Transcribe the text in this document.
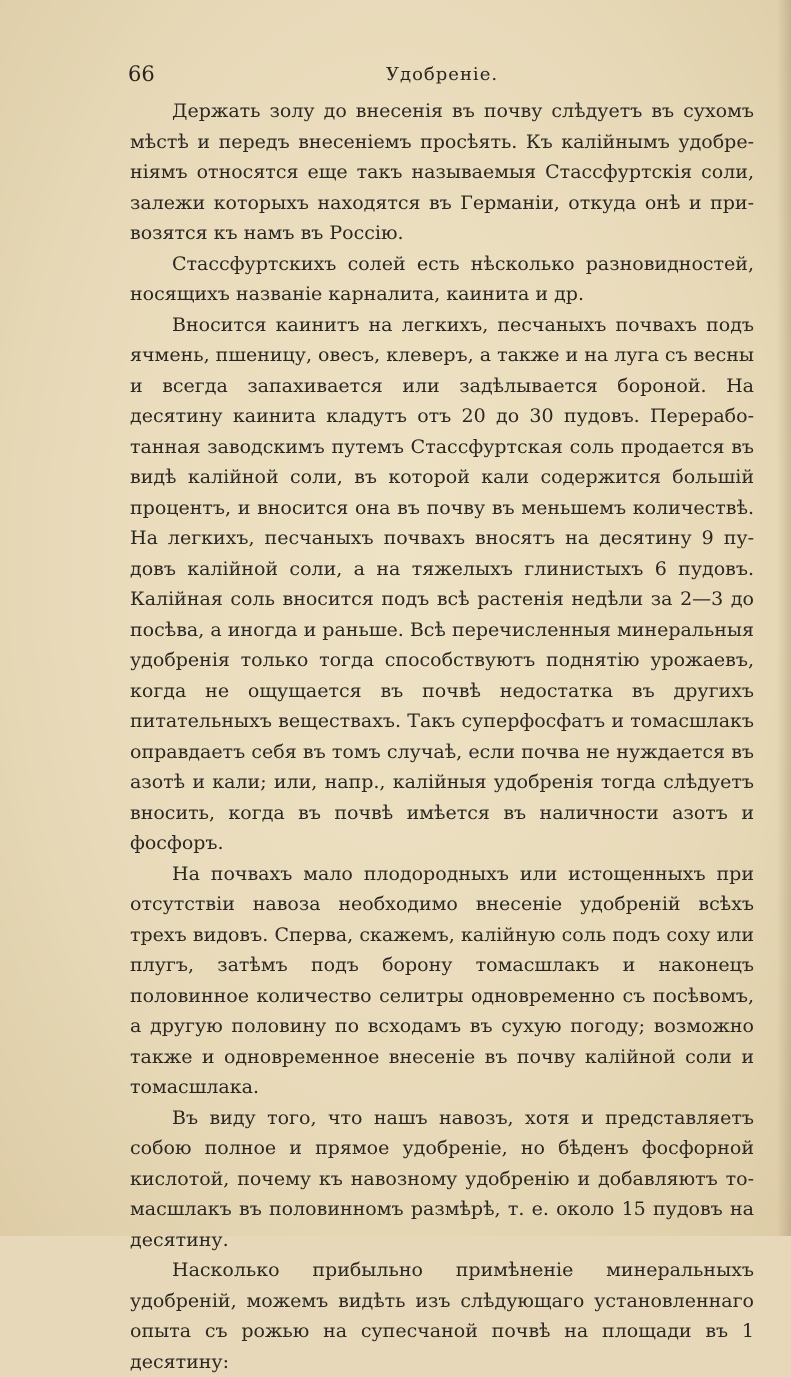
66	Удобреніе.

Держать золу до внесенія въ почву слѣдуетъ въ сухомъ мѣстѣ и передъ внесеніемъ просѣять. Къ калійнымъ удобреніямъ относятся еще такъ называемыя Стассфуртскія соли, залежи которыхъ находятся въ Германіи, откуда онѣ и привозятся къ намъ въ Россію.

Стассфуртскихъ солей есть нѣсколько разновидностей, носящихъ названіе карналита, каинита и др.

Вносится каинитъ на легкихъ, песчаныхъ почвахъ подъ ячмень, пшеницу, овесъ, клеверъ, а также и на луга съ весны и всегда запахивается или задѣлывается бороной. На десятину каинита кладутъ отъ 20 до 30 пудовъ. Переработанная заводскимъ путемъ Стассфуртская соль продается въ видѣ калійной соли, въ которой кали содержится большій процентъ, и вносится она въ почву въ меньшемъ количествѣ. На легкихъ, песчаныхъ почвахъ вносятъ на десятину 9 пудовъ калійной соли, а на тяжелыхъ глинистыхъ 6 пудовъ. Калійная соль вносится подъ всѣ растенія недѣли за 2—3 до посѣва, а иногда и раньше. Всѣ перечисленныя минеральныя удобренія только тогда способствуютъ поднятію урожаевъ, когда не ощущается въ почвѣ недостатка въ другихъ питательныхъ веществахъ. Такъ суперфосфатъ и томасшлакъ оправдаетъ себя въ томъ случаѣ, если почва не нуждается въ азотѣ и кали; или, напр., калійныя удобренія тогда слѣдуетъ вносить, когда въ почвѣ имѣется въ наличности азотъ и фосфоръ.

На почвахъ мало плодородныхъ или истощенныхъ при отсутствіи навоза необходимо внесеніе удобреній всѣхъ трехъ видовъ. Сперва, скажемъ, калійную соль подъ соху или плугъ, затѣмъ подъ борону томасшлакъ и наконецъ половинное количество селитры одновременно съ посѣвомъ, а другую половину по всходамъ въ сухую погоду; возможно также и одновременное внесеніе въ почву калійной соли и томасшлака.

Въ виду того, что нашъ навозъ, хотя и представляетъ собою полное и прямое удобреніе, но бѣденъ фосфорной кислотой, почему къ навозному удобренію и добавляютъ томасшлакъ въ половинномъ размѣрѣ, т. е. около 15 пудовъ на десятину.

Насколько прибыльно примѣненіе минеральныхъ удобреній, можемъ видѣть изъ слѣдующаго установленнаго опыта съ рожью на супесчаной почвѣ на площади въ 1 десятину:
